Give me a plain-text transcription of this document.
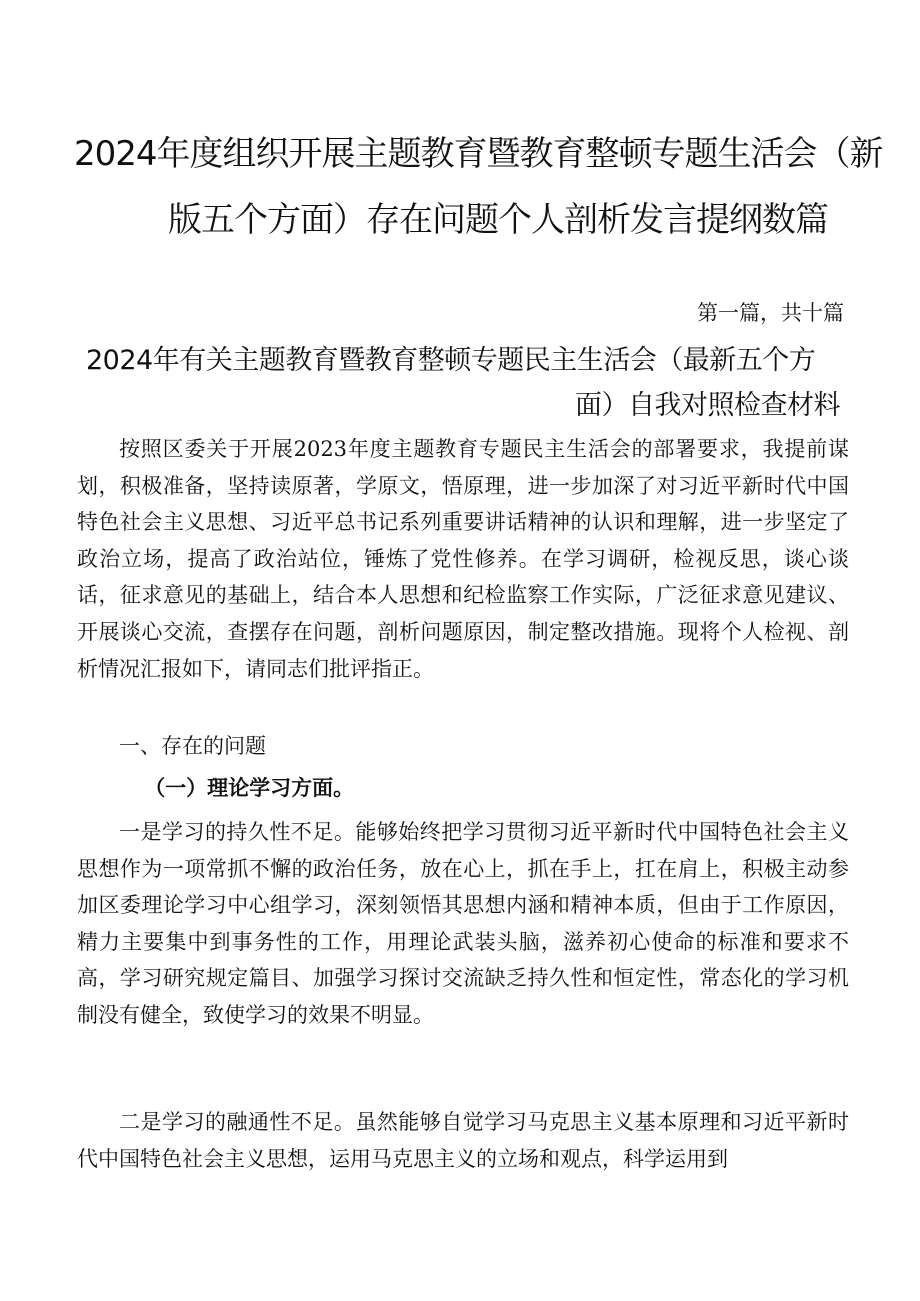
2024年度组织开展主题教育暨教育整顿专题生活会（新
版五个方面）存在问题个人剖析发言提纲数篇
第一篇，共十篇
2024年有关主题教育暨教育整顿专题民主生活会（最新五个方
面）自我对照检查材料

按照区委关于开展2023年度主题教育专题民主生活会的部署要求，我提前谋划，积极准备，坚持读原著，学原文，悟原理，进一步加深了对习近平新时代中国特色社会主义思想、习近平总书记系列重要讲话精神的认识和理解，进一步坚定了政治立场，提高了政治站位，锤炼了党性修养。在学习调研，检视反思，谈心谈话，征求意见的基础上，结合本人思想和纪检监察工作实际，广泛征求意见建议、开展谈心交流，查摆存在问题，剖析问题原因，制定整改措施。现将个人检视、剖析情况汇报如下，请同志们批评指正。

一、存在的问题

（一）理论学习方面。

一是学习的持久性不足。能够始终把学习贯彻习近平新时代中国特色社会主义思想作为一项常抓不懈的政治任务，放在心上，抓在手上，扛在肩上，积极主动参加区委理论学习中心组学习，深刻领悟其思想内涵和精神本质，但由于工作原因，精力主要集中到事务性的工作，用理论武装头脑，滋养初心使命的标准和要求不高，学习研究规定篇目、加强学习探讨交流缺乏持久性和恒定性，常态化的学习机制没有健全，致使学习的效果不明显。

二是学习的融通性不足。虽然能够自觉学习马克思主义基本原理和习近平新时代中国特色社会主义思想，运用马克思主义的立场和观点，科学运用到
